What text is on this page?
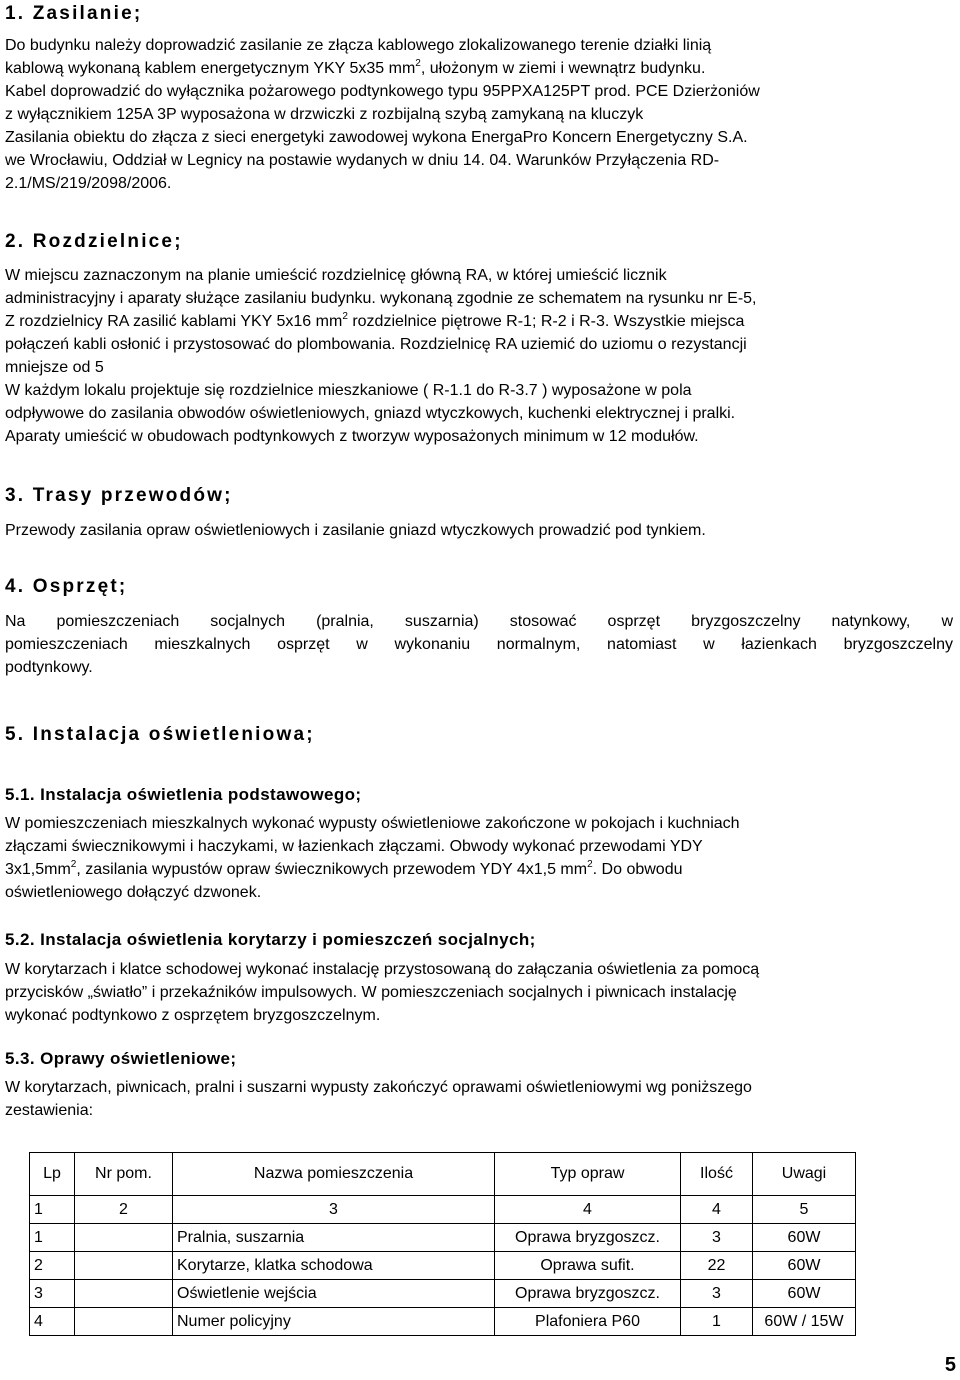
1. Zasilanie;

Do budynku należy doprowadzić zasilanie ze złącza kablowego zlokalizowanego terenie działki linią
kablową wykonaną kablem energetycznym YKY 5x35 $mm^2$, ułożonym w ziemi i wewnątrz budynku.
Kabel doprowadzić do wyłącznika pożarowego podtynkowego typu 95PPXA125PT prod. PCE Dzierżoniów
z wyłącznikiem 125A 3P wyposażona w drzwiczki z rozbijalną szybą zamykaną na kluczyk
Zasilania obiektu do złącza z sieci energetyki zawodowej wykona EnergaPro Koncern Energetyczny S.A.
we Wrocławiu, Oddział w Legnicy na postawie wydanych w dniu 14. 04. Warunków Przyłączenia RD-
2.1/MS/219/2098/2006.

2. Rozdzielnice;

W miejscu zaznaczonym na planie umieścić rozdzielnicę główną RA, w której umieścić licznik
administracyjny i aparaty służące zasilaniu budynku. wykonaną zgodnie ze schematem na rysunku nr E-5,
Z rozdzielnicy RA zasilić kablami YKY 5x16 $mm^2$ rozdzielnice piętrowe R-1; R-2 i R-3. Wszystkie miejsca
połączeń kabli osłonić i przystosować do plombowania. Rozdzielnicę RA uziemić do uziomu o rezystancji
mniejsze od 5
W każdym lokalu projektuje się rozdzielnice mieszkaniowe ( R-1.1 do R-3.7 ) wyposażone w pola
odpływowe do zasilania obwodów oświetleniowych, gniazd wtyczkowych, kuchenki elektrycznej i pralki.
Aparaty umieścić w obudowach podtynkowych z tworzyw wyposażonych minimum w 12 modułów.

3. Trasy przewodów;

Przewody zasilania opraw oświetleniowych i zasilanie gniazd wtyczkowych prowadzić pod tynkiem.

4. Osprzęt;

Na pomieszczeniach socjalnych (pralnia, suszarnia) stosować osprzęt bryzgoszczelny natynkowy, w
pomieszczeniach mieszkalnych osprzęt w wykonaniu normalnym, natomiast w łazienkach bryzgoszczelny
podtynkowy.

5. Instalacja oświetleniowa;
5.1. Instalacja oświetlenia podstawowego;

W pomieszczeniach mieszkalnych wykonać wypusty oświetleniowe zakończone w pokojach i kuchniach
złączami świecznikowymi i haczykami, w łazienkach złączami. Obwody wykonać przewodami YDY
$3x1,5mm^2$, zasilania wypustów opraw świecznikowych przewodem YDY 4x1,5 $mm^2$. Do obwodu
oświetleniowego dołączyć dzwonek.

5.2. Instalacja oświetlenia korytarzy i pomieszczeń socjalnych;

W korytarzach i klatce schodowej wykonać instalację przystosowaną do załączania oświetlenia za pomocą
przycisków „światło” i przekaźników impulsowych. W pomieszczeniach socjalnych i piwnicach instalację
wykonać podtynkowo z osprzętem bryzgoszczelnym.

5.3. Oprawy oświetleniowe;

W korytarzach, piwnicach, pralni i suszarni wypusty zakończyć oprawami oświetleniowymi wg poniższego
zestawienia:

Lp	Nr pom.	Nazwa pomieszczenia	Typ opraw	Ilość	Uwagi
1	2	3	4	4	5
1		Pralnia, suszarnia	Oprawa bryzgoszcz.	3	60W
2		Korytarze, klatka schodowa	Oprawa sufit.	22	60W
3		Oświetlenie wejścia	Oprawa bryzgoszcz.	3	60W
4		Numer policyjny	Plafoniera P60	1	60W / 15W
5
